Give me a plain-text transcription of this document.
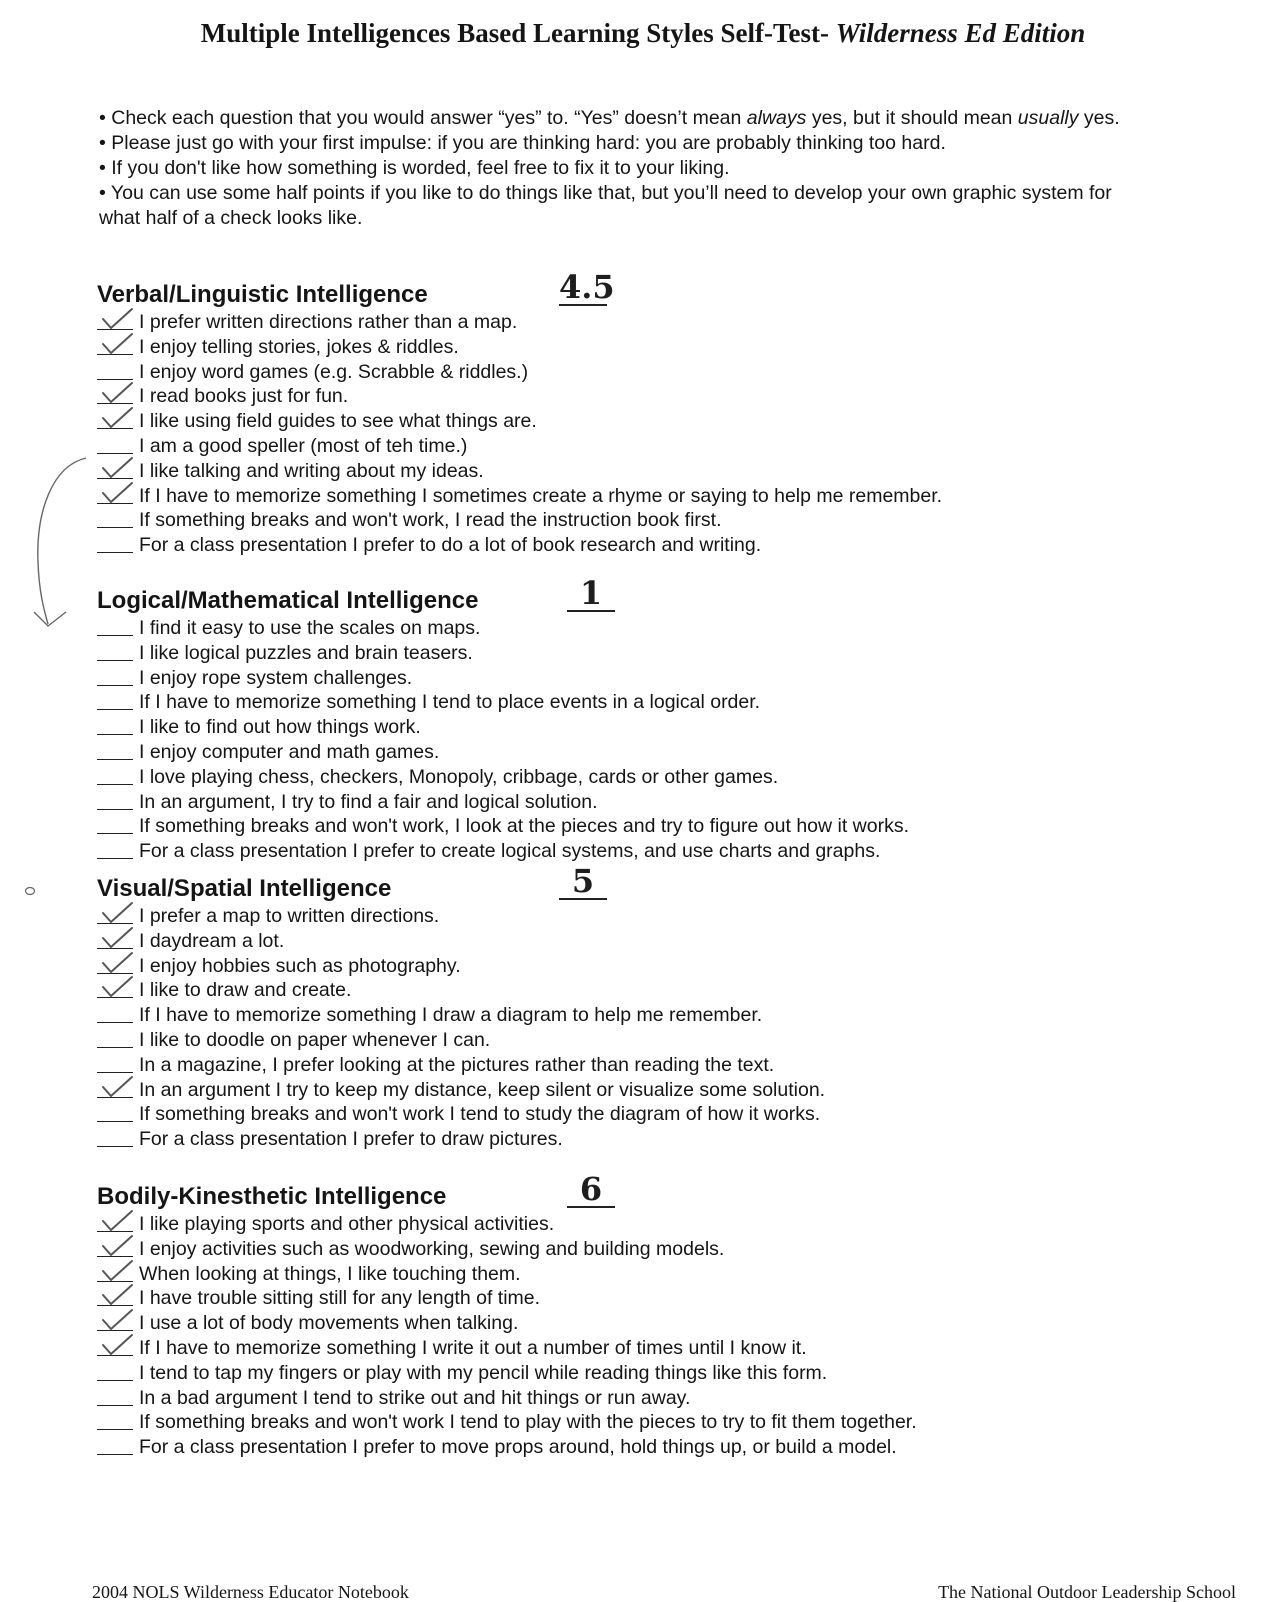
Multiple Intelligences Based Learning Styles Self-Test- Wilderness Ed Edition
• Check each question that you would answer “yes” to. “Yes” doesn’t mean always yes, but it should mean usually yes.
• Please just go with your first impulse: if you are thinking hard: you are probably thinking too hard.
• If you don't like how something is worded, feel free to fix it to your liking.
• You can use some half points if you like to do things like that, but you’ll need to develop your own graphic system for
what half of a check looks like.
Verbal/Linguistic Intelligence	4.5
I prefer written directions rather than a map.
I enjoy telling stories, jokes & riddles.
I enjoy word games (e.g. Scrabble & riddles.)
I read books just for fun.
I like using field guides to see what things are.
I am a good speller (most of teh time.)
I like talking and writing about my ideas.
If I have to memorize something I sometimes create a rhyme or saying to help me remember.
If something breaks and won't work, I read the instruction book first.
For a class presentation I prefer to do a lot of book research and writing.
Logical/Mathematical Intelligence	1
I find it easy to use the scales on maps.
I like logical puzzles and brain teasers.
I enjoy rope system challenges.
If I have to memorize something I tend to place events in a logical order.
I like to find out how things work.
I enjoy computer and math games.
I love playing chess, checkers, Monopoly, cribbage, cards or other games.
In an argument, I try to find a fair and logical solution.
If something breaks and won't work, I look at the pieces and try to figure out how it works.
For a class presentation I prefer to create logical systems, and use charts and graphs.
Visual/Spatial Intelligence	5
I prefer a map to written directions.
I daydream a lot.
I enjoy hobbies such as photography.
I like to draw and create.
If I have to memorize something I draw a diagram to help me remember.
I like to doodle on paper whenever I can.
In a magazine, I prefer looking at the pictures rather than reading the text.
In an argument I try to keep my distance, keep silent or visualize some solution.
If something breaks and won't work I tend to study the diagram of how it works.
For a class presentation I prefer to draw pictures.
Bodily-Kinesthetic Intelligence	6
I like playing sports and other physical activities.
I enjoy activities such as woodworking, sewing and building models.
When looking at things, I like touching them.
I have trouble sitting still for any length of time.
I use a lot of body movements when talking.
If I have to memorize something I write it out a number of times until I know it.
I tend to tap my fingers or play with my pencil while reading things like this form.
In a bad argument I tend to strike out and hit things or run away.
If something breaks and won't work I tend to play with the pieces to try to fit them together.
For a class presentation I prefer to move props around, hold things up, or build a model.
2004 NOLS Wilderness Educator Notebook	The National Outdoor Leadership School
